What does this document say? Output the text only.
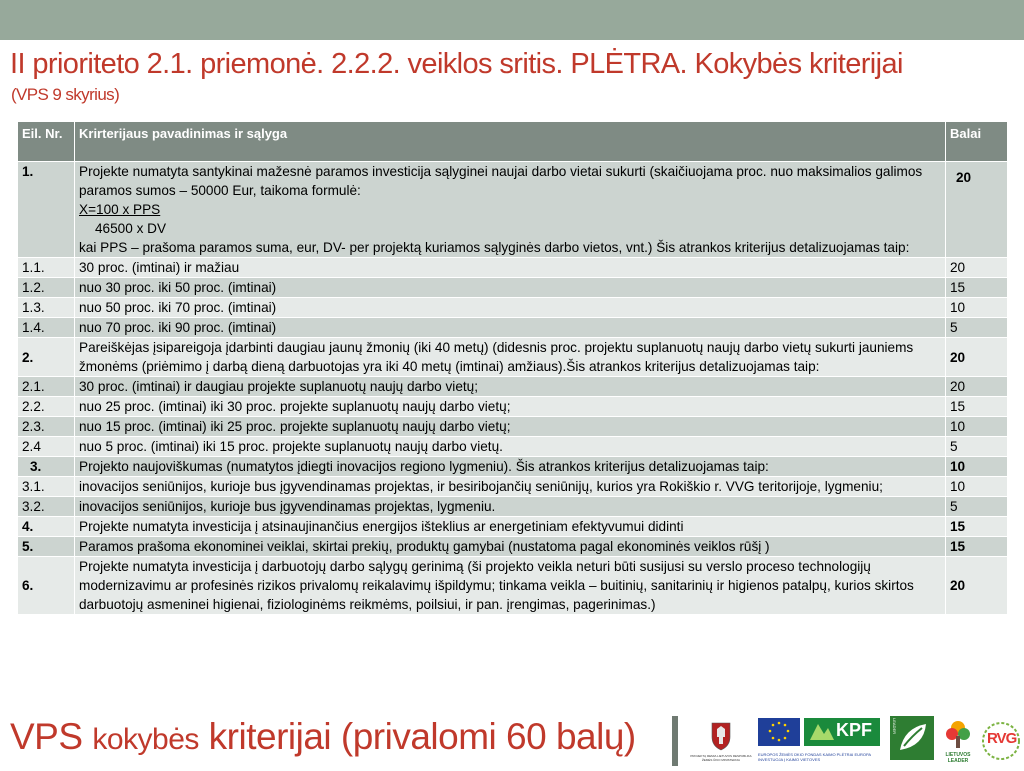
II prioriteto 2.1. priemonė. 2.2.2. veiklos sritis. PLĖTRA. Kokybės kriterijai
(VPS 9 skyrius)
Eil. Nr.	Krirterijaus pavadinimas ir sąlyga	Balai
1.	Projekte numatyta santykinai mažesnė paramos investicija sąlyginei naujai darbo vietai sukurti (skaičiuojama proc. nuo maksimalios galimos paramos sumos – 50000 Eur, taikoma formulė:
X=100 x PPS
46500 x DV
kai PPS – prašoma paramos suma, eur, DV- per projektą kuriamos sąlyginės darbo vietos, vnt.) Šis atrankos kriterijus detalizuojamas taip:	20
1.1.	30 proc. (imtinai) ir mažiau	20
1.2.	nuo 30 proc. iki 50 proc. (imtinai)	15
1.3.	nuo 50 proc. iki 70 proc. (imtinai)	10
1.4.	nuo 70 proc. iki 90 proc. (imtinai)	5
2.	Pareiškėjas įsipareigoja įdarbinti daugiau jaunų žmonių (iki 40 metų) (didesnis proc. projektu suplanuotų naujų darbo vietų sukurti jauniems žmonėms (priėmimo į darbą dieną darbuotojas yra iki 40 metų (imtinai) amžiaus).Šis atrankos kriterijus detalizuojamas taip:	20
2.1.	30 proc. (imtinai) ir daugiau projekte suplanuotų naujų darbo vietų;	20
2.2.	nuo 25 proc. (imtinai) iki 30 proc. projekte suplanuotų naujų darbo vietų;	15
2.3.	nuo 15 proc. (imtinai) iki 25 proc. projekte suplanuotų naujų darbo vietų;	10
2.4	nuo 5 proc. (imtinai) iki 15 proc. projekte suplanuotų naujų darbo vietų.	5
3.	Projekto naujoviškumas (numatytos įdiegti inovacijos regiono lygmeniu). Šis atrankos kriterijus detalizuojamas taip:	10
3.1.	inovacijos seniūnijos, kurioje bus įgyvendinamas projektas, ir besiribojančių seniūnijų, kurios yra Rokiškio r. VVG teritorijoje, lygmeniu;	10
3.2.	inovacijos seniūnijos, kurioje bus įgyvendinamas projektas, lygmeniu.	5
4.	Projekte numatyta investicija į atsinaujinančius energijos išteklius ar energetiniam efektyvumui didinti	15
5.	Paramos prašoma ekonominei veiklai, skirtai prekių, produktų gamybai (nustatoma pagal ekonominės veiklos rūšį )	15
6.	Projekte numatyta investicija į darbuotojų darbo sąlygų gerinimą (ši projekto veikla neturi būti susijusi su verslo proceso technologijų modernizavimu ar profesinės rizikos privalomų reikalavimų išpildymu; tinkama veikla – buitinių, sanitarinių ir higienos patalpų, kurios skirtos darbuotojų asmeninei higienai, fiziologinėms reikmėms, poilsiui, ir pan. įrengimas, pagerinimas.)	20
VPS kokybės kriterijai (privalomi 60 balų)	PROJEKTĄ REMIA LIETUVOS RESPUBLIKA ŽEMĖS ŪKIO MINISTERIJA
KPF
EUROPOS ŽEMĖS ŪKIO FONDAS KAIMO PLĖTRAI EUROPA INVESTUOJA Į KAIMO VIETOVES
LEADER
LIETUVOS LEADER
RVG
